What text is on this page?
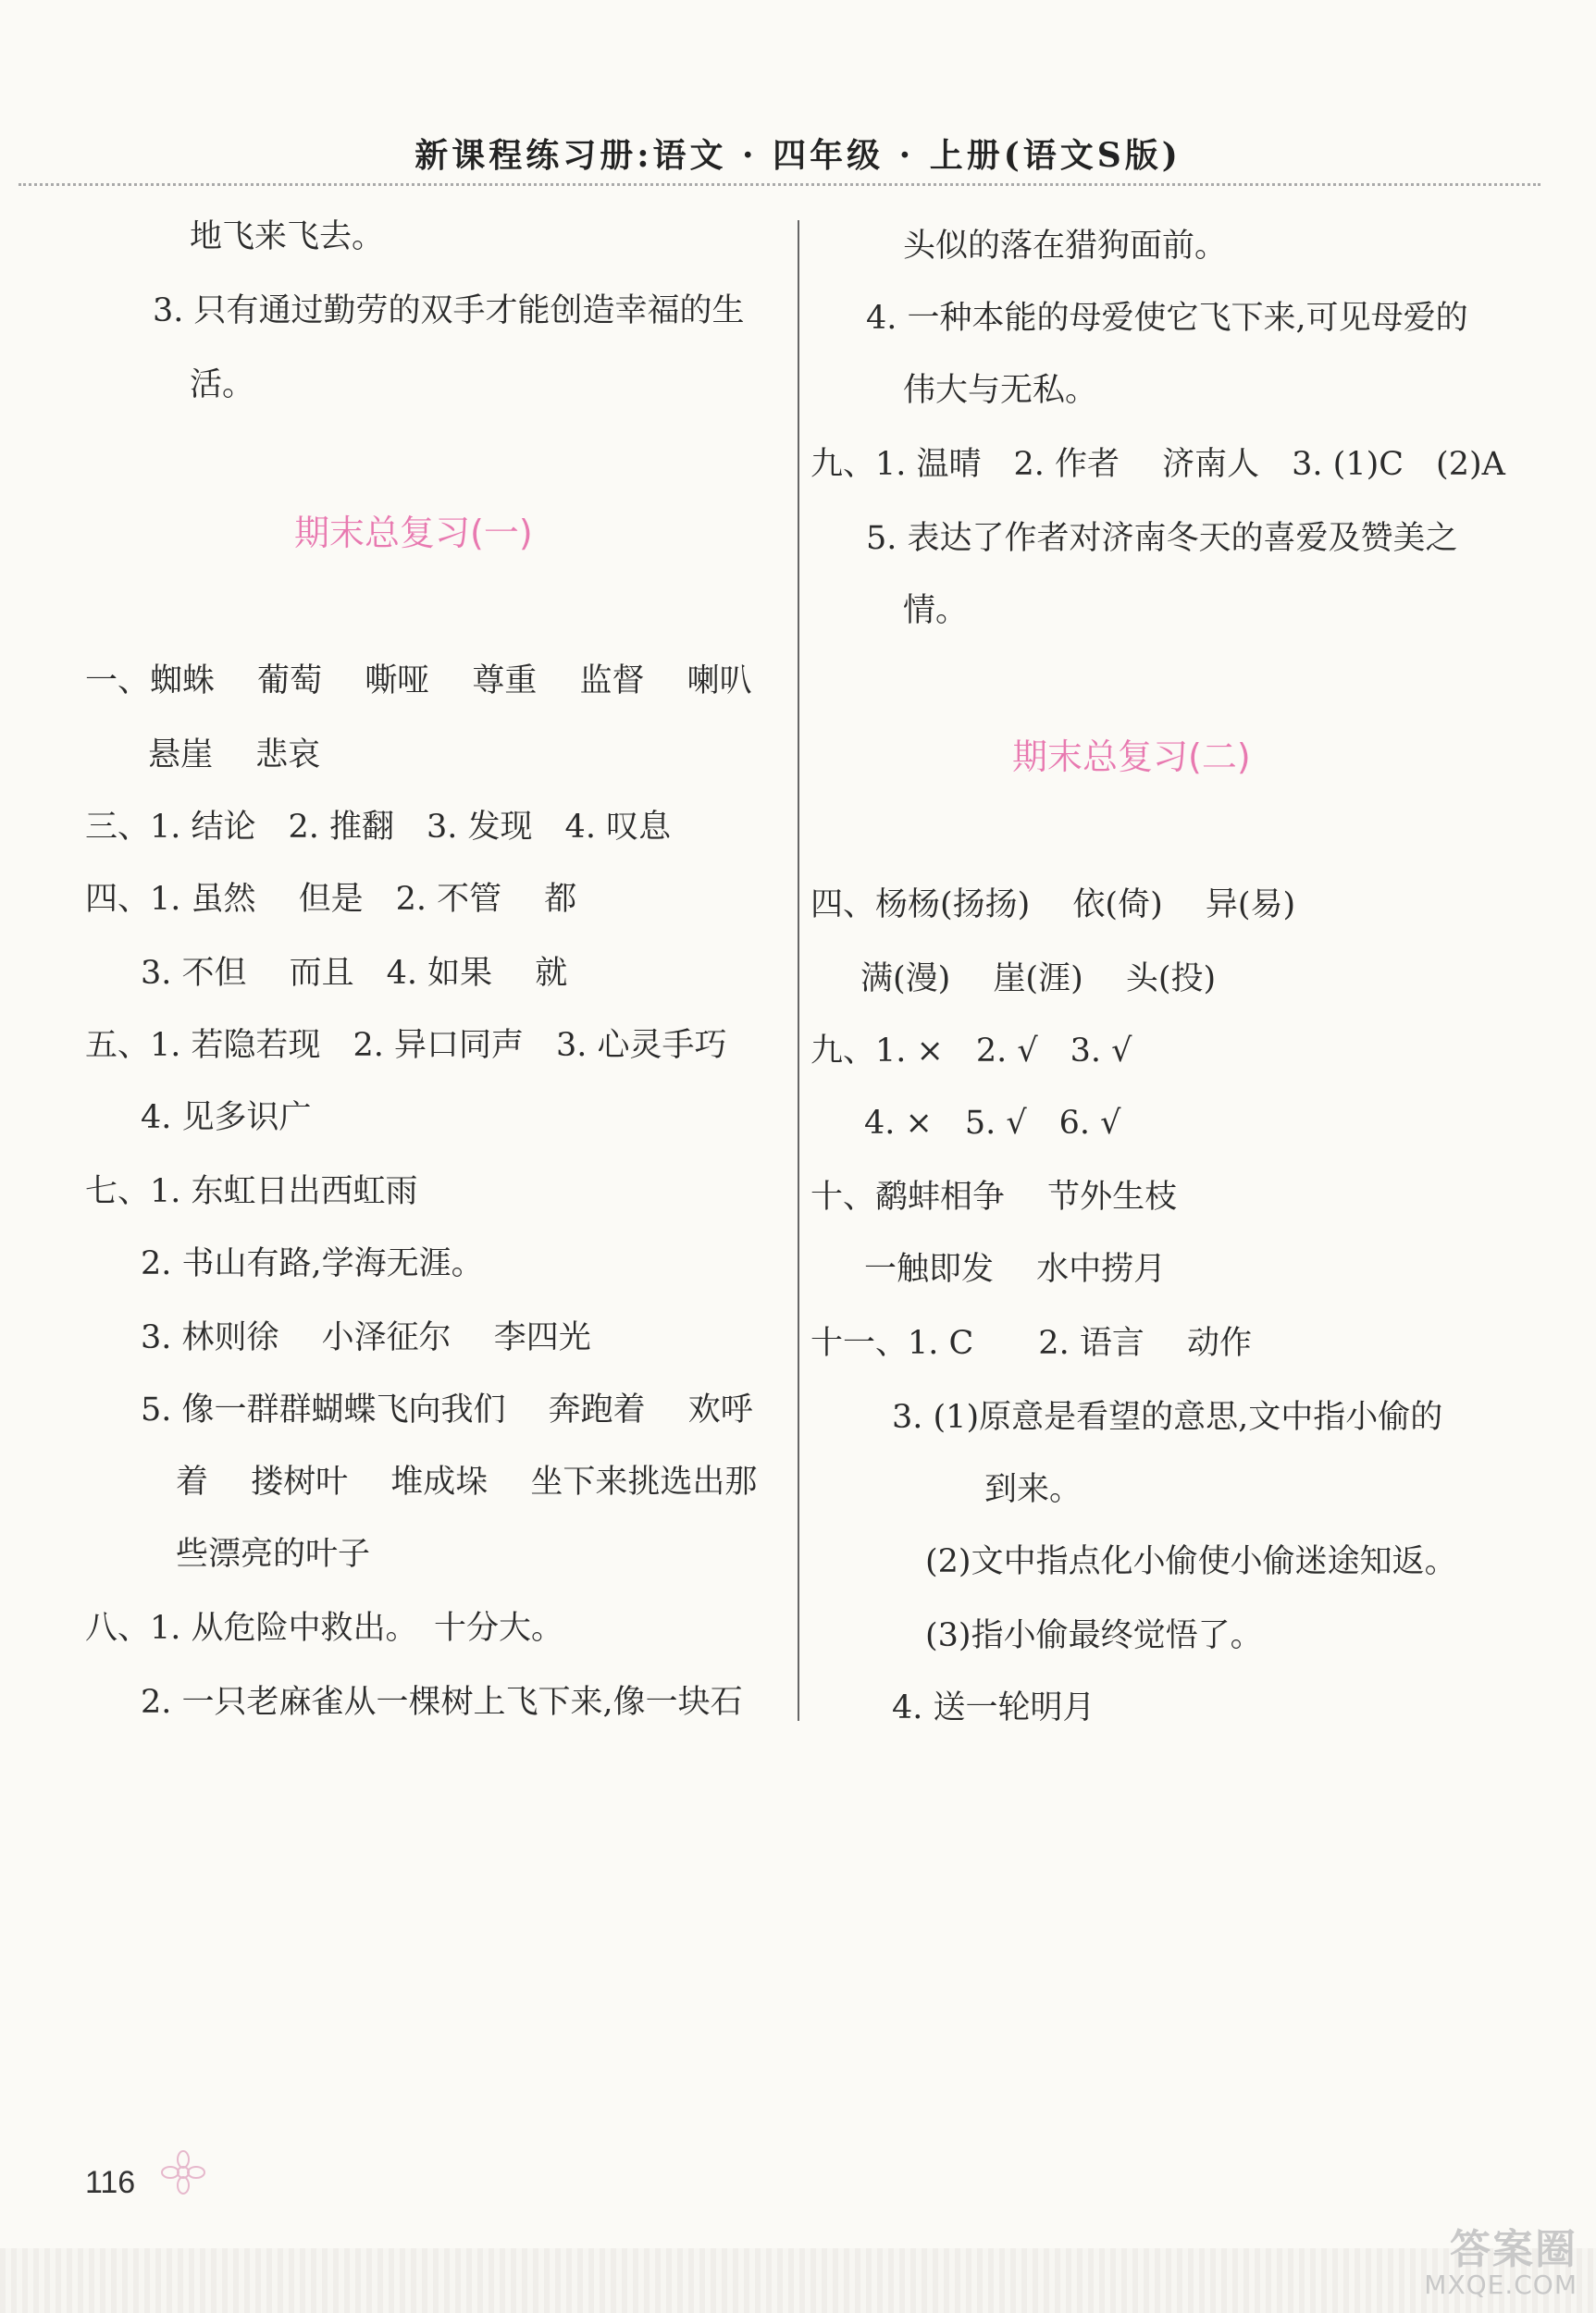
新课程练习册:语文 · 四年级 · 上册(语文S版)
地飞来飞去。
3. 只有通过勤劳的双手才能创造幸福的生
活。
期末总复习(一)
一、蜘蛛　 葡萄　 嘶哑　 尊重　 监督　 喇叭
悬崖　 悲哀
三、1. 结论　2. 推翻　3. 发现　4. 叹息
四、1. 虽然　 但是　2. 不管　 都
3. 不但　 而且　4. 如果　 就
五、1. 若隐若现　2. 异口同声　3. 心灵手巧
4. 见多识广
七、1. 东虹日出西虹雨
2. 书山有路,学海无涯。
3. 林则徐　 小泽征尔　 李四光
5. 像一群群蝴蝶飞向我们　 奔跑着　 欢呼
着　 搂树叶　 堆成垛　 坐下来挑选出那
些漂亮的叶子
八、1. 从危险中救出。　十分大。
2. 一只老麻雀从一棵树上飞下来,像一块石
头似的落在猎狗面前。
4. 一种本能的母爱使它飞下来,可见母爱的
伟大与无私。
九、1. 温晴　2. 作者　 济南人　3. (1)C　(2)A
5. 表达了作者对济南冬天的喜爱及赞美之
情。
期末总复习(二)
四、杨杨(扬扬)　 依(倚)　 异(易)
满(漫)　 崖(涯)　 头(投)
九、1. ×　2. √　3. √
4. ×　5. √　6. √
十、鹬蚌相争　 节外生枝
一触即发　 水中捞月
十一、1. C　　2. 语言　 动作
3. (1)原意是看望的意思,文中指小偷的
到来。
(2)文中指点化小偷使小偷迷途知返。
(3)指小偷最终觉悟了。
4. 送一轮明月
116
答案圈
MXQE.COM
